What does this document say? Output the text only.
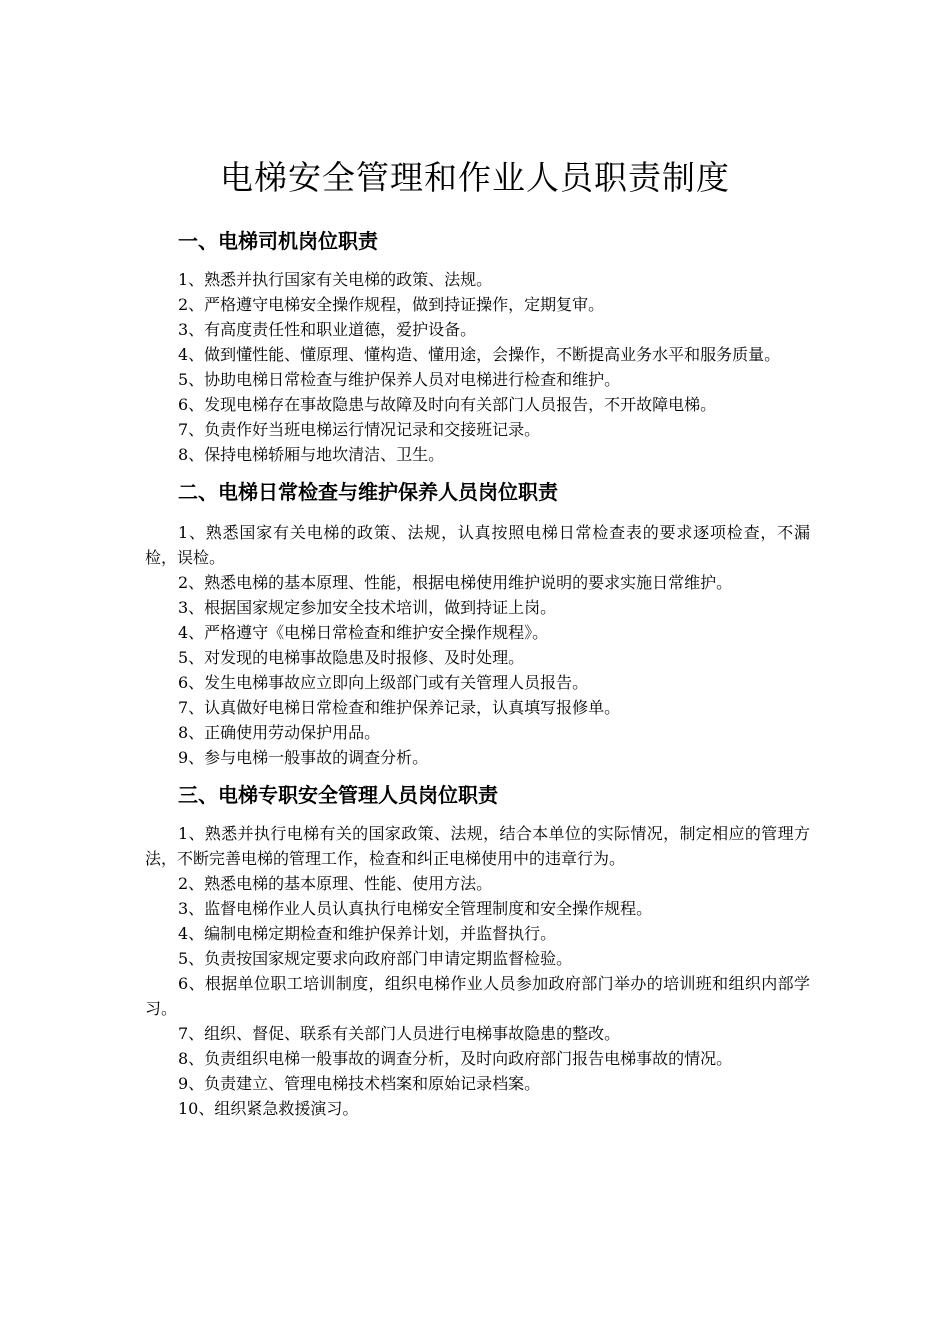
电梯安全管理和作业人员职责制度
一、电梯司机岗位职责

1、熟悉并执行国家有关电梯的政策、法规。

2、严格遵守电梯安全操作规程，做到持证操作，定期复审。

3、有高度责任性和职业道德，爱护设备。

4、做到懂性能、懂原理、懂构造、懂用途，会操作，不断提高业务水平和服务质量。

5、协助电梯日常检查与维护保养人员对电梯进行检查和维护。

6、发现电梯存在事故隐患与故障及时向有关部门人员报告，不开故障电梯。

7、负责作好当班电梯运行情况记录和交接班记录。

8、保持电梯轿厢与地坎清洁、卫生。

二、电梯日常检查与维护保养人员岗位职责

1、熟悉国家有关电梯的政策、法规，认真按照电梯日常检查表的要求逐项检查，不漏检，误检。

2、熟悉电梯的基本原理、性能，根据电梯使用维护说明的要求实施日常维护。

3、根据国家规定参加安全技术培训，做到持证上岗。

4、严格遵守《电梯日常检查和维护安全操作规程》。

5、对发现的电梯事故隐患及时报修、及时处理。

6、发生电梯事故应立即向上级部门或有关管理人员报告。

7、认真做好电梯日常检查和维护保养记录，认真填写报修单。

8、正确使用劳动保护用品。

9、参与电梯一般事故的调查分析。

三、电梯专职安全管理人员岗位职责

1、熟悉并执行电梯有关的国家政策、法规，结合本单位的实际情况，制定相应的管理方法，不断完善电梯的管理工作，检查和纠正电梯使用中的违章行为。

2、熟悉电梯的基本原理、性能、使用方法。

3、监督电梯作业人员认真执行电梯安全管理制度和安全操作规程。

4、编制电梯定期检查和维护保养计划，并监督执行。

5、负责按国家规定要求向政府部门申请定期监督检验。

6、根据单位职工培训制度，组织电梯作业人员参加政府部门举办的培训班和组织内部学习。

7、组织、督促、联系有关部门人员进行电梯事故隐患的整改。

8、负责组织电梯一般事故的调查分析，及时向政府部门报告电梯事故的情况。

9、负责建立、管理电梯技术档案和原始记录档案。

10、组织紧急救援演习。
